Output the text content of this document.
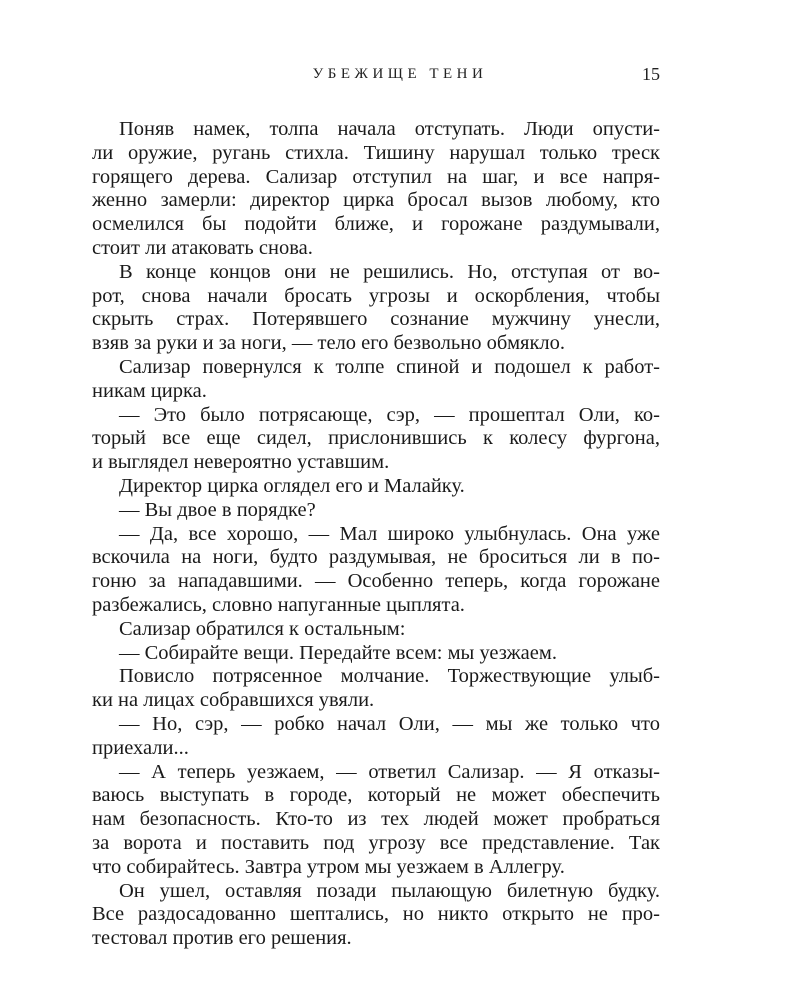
УБЕЖИЩЕ ТЕНИ	15

Поняв намек, толпа начала отступать. Люди опусти-
ли оружие, ругань стихла. Тишину нарушал только треск
горящего дерева. Сализар отступил на шаг, и все напря-
женно замерли: директор цирка бросал вызов любому, кто
осмелился бы подойти ближе, и горожане раздумывали,
стоит ли атаковать снова.

В конце концов они не решились. Но, отступая от во-
рот, снова начали бросать угрозы и оскорбления, чтобы
скрыть страх. Потерявшего сознание мужчину унесли,
взяв за руки и за ноги, — тело его безвольно обмякло.

Сализар повернулся к толпе спиной и подошел к работ-
никам цирка.

— Это было потрясающе, сэр, — прошептал Оли, ко-
торый все еще сидел, прислонившись к колесу фургона,
и выглядел невероятно уставшим.

Директор цирка оглядел его и Малайку.

— Вы двое в порядке?

— Да, все хорошо, — Мал широко улыбнулась. Она уже
вскочила на ноги, будто раздумывая, не броситься ли в по-
гоню за нападавшими. — Особенно теперь, когда горожане
разбежались, словно напуганные цыплята.

Сализар обратился к остальным:

— Собирайте вещи. Передайте всем: мы уезжаем.

Повисло потрясенное молчание. Торжествующие улыб-
ки на лицах собравшихся увяли.

— Но, сэр, — робко начал Оли, — мы же только что
приехали...

— А теперь уезжаем, — ответил Сализар. — Я отказы-
ваюсь выступать в городе, который не может обеспечить
нам безопасность. Кто-то из тех людей может пробраться
за ворота и поставить под угрозу все представление. Так
что собирайтесь. Завтра утром мы уезжаем в Аллегру.

Он ушел, оставляя позади пылающую билетную будку.
Все раздосадованно шептались, но никто открыто не про-
тестовал против его решения.
